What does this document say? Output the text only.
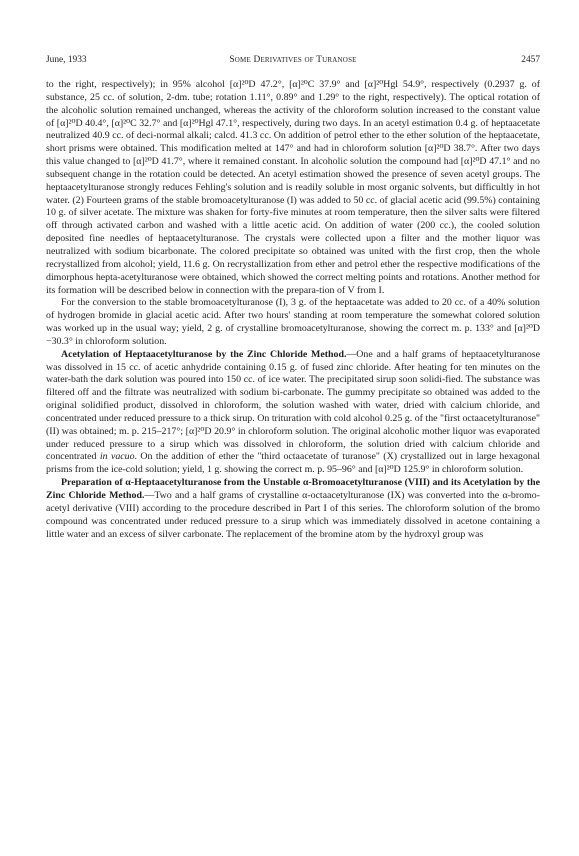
June, 1933	Some Derivatives of Turanose	2457

to the right, respectively); in 95% alcohol [α]²⁰D 47.2°, [α]²⁰C 37.9° and [α]²⁰Hgl 54.9°, respectively (0.2937 g. of substance, 25 cc. of solution, 2-dm. tube; rotation 1.11°, 0.89° and 1.29° to the right, respectively). The optical rotation of the alcoholic solution remained unchanged, whereas the activity of the chloroform solution increased to the constant value of [α]²⁰D 40.4°, [α]²⁰C 32.7° and [α]²⁰Hgl 47.1°, respectively, during two days. In an acetyl estimation 0.4 g. of heptaacetate neutralized 40.9 cc. of deci-normal alkali; calcd. 41.3 cc. On addition of petrol ether to the ether solution of the heptaacetate, short prisms were obtained. This modification melted at 147° and had in chloroform solution [α]²⁰D 38.7°. After two days this value changed to [α]²⁰D 41.7°, where it remained constant. In alcoholic solution the compound had [α]²⁰D 47.1° and no subsequent change in the rotation could be detected. An acetyl estimation showed the presence of seven acetyl groups. The heptaacetylturanose strongly reduces Fehling's solution and is readily soluble in most organic solvents, but difficultly in hot water. (2) Fourteen grams of the stable bromoacetylturanose (I) was added to 50 cc. of glacial acetic acid (99.5%) containing 10 g. of silver acetate. The mixture was shaken for forty-five minutes at room temperature, then the silver salts were filtered off through activated carbon and washed with a little acetic acid. On addition of water (200 cc.), the cooled solution deposited fine needles of heptaacetylturanose. The crystals were collected upon a filter and the mother liquor was neutralized with sodium bicarbonate. The colored precipitate so obtained was united with the first crop, then the whole recrystallized from alcohol; yield, 11.6 g. On recrystallization from ether and petrol ether the respective modifications of the dimorphous hepta-acetylturanose were obtained, which showed the correct melting points and rotations. Another method for its formation will be described below in connection with the prepara-tion of V from I.

For the conversion to the stable bromoacetylturanose (I), 3 g. of the heptaacetate was added to 20 cc. of a 40% solution of hydrogen bromide in glacial acetic acid. After two hours' standing at room temperature the somewhat colored solution was worked up in the usual way; yield, 2 g. of crystalline bromoacetylturanose, showing the correct m. p. 133° and [α]²⁰D −30.3° in chloroform solution.

Acetylation of Heptaacetylturanose by the Zinc Chloride Method.—One and a half grams of heptaacetylturanose was dissolved in 15 cc. of acetic anhydride containing 0.15 g. of fused zinc chloride. After heating for ten minutes on the water-bath the dark solution was poured into 150 cc. of ice water. The precipitated sirup soon solidi-fied. The substance was filtered off and the filtrate was neutralized with sodium bi-carbonate. The gummy precipitate so obtained was added to the original solidified product, dissolved in chloroform, the solution washed with water, dried with calcium chloride, and concentrated under reduced pressure to a thick sirup. On trituration with cold alcohol 0.25 g. of the "first octaacetylturanose" (II) was obtained; m. p. 215–217°; [α]²⁰D 20.9° in chloroform solution. The original alcoholic mother liquor was evaporated under reduced pressure to a sirup which was dissolved in chloroform, the solution dried with calcium chloride and concentrated in vacuo. On the addition of ether the "third octaacetate of turanose" (X) crystallized out in large hexagonal prisms from the ice-cold solution; yield, 1 g. showing the correct m. p. 95–96° and [α]²⁰D 125.9° in chloroform solution.

Preparation of α-Heptaacetylturanose from the Unstable α-Bromoacetylturanose (VIII) and its Acetylation by the Zinc Chloride Method.—Two and a half grams of crystalline α-octaacetylturanose (IX) was converted into the α-bromo-acetyl derivative (VIII) according to the procedure described in Part I of this series. The chloroform solution of the bromo compound was concentrated under reduced pressure to a sirup which was immediately dissolved in acetone containing a little water and an excess of silver carbonate. The replacement of the bromine atom by the hydroxyl group was
